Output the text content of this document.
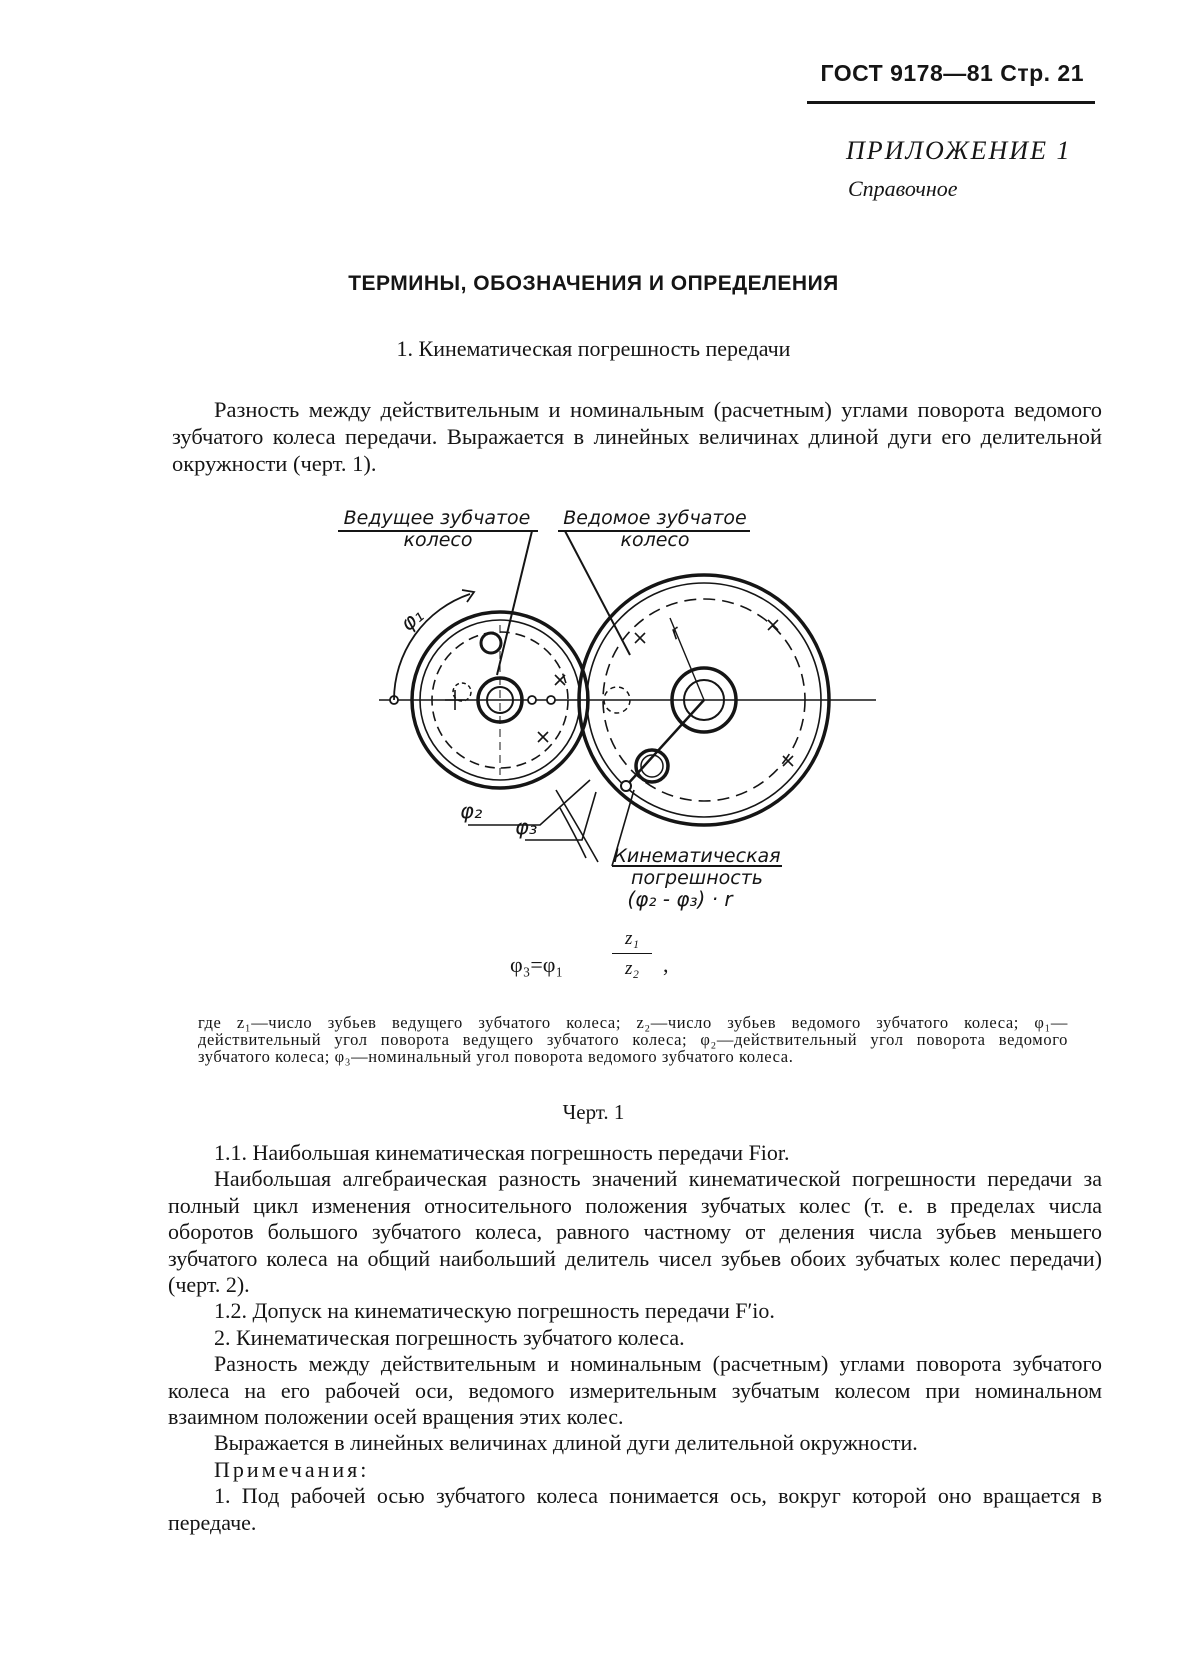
ГОСТ 9178—81 Стр. 21
ПРИЛОЖЕНИЕ 1
Справочное
ТЕРМИНЫ, ОБОЗНАЧЕНИЯ И ОПРЕДЕЛЕНИЯ
1. Кинематическая погрешность передачи
Разность между действительным и номинальным (расчетным) углами поворота ведомого зубчатого колеса передачи. Выражается в линейных величинах длиной дуги его делительной окружности (черт. 1).
Ведущее зубчатое
колесо
Ведомое зубчатое
колесо
φ₁	r
φ₂
φ₃
Кинематическая
погрешность
(φ₂ - φ₃) · r
φ₃=φ₁
z₁
z₂	,
где z₁—число зубьев ведущего зубчатого колеса; z₂—число зубьев ведомого зубчатого колеса; φ₁—действительный угол поворота ведущего зубчатого колеса; φ₂—действительный угол поворота ведомого зубчатого колеса; φ₃—номинальный угол поворота ведомого зубчатого колеса.
Черт. 1

1.1. Наибольшая кинематическая погрешность передачи Fior.

Наибольшая алгебраическая разность значений кинематической погрешности передачи за полный цикл изменения относительного положения зубчатых колес (т. е. в пределах числа оборотов большого зубчатого колеса, равного частному от деления числа зубьев меньшего зубчатого колеса на общий наибольший делитель чисел зубьев обоих зубчатых колес передачи) (черт. 2).

1.2. Допуск на кинематическую погрешность передачи F′io.

2. Кинематическая погрешность зубчатого колеса.

Разность между действительным и номинальным (расчетным) углами поворота зубчатого колеса на его рабочей оси, ведомого измерительным зубчатым колесом при номинальном взаимном положении осей вращения этих колес.

Выражается в линейных величинах длиной дуги делительной окружности.

Примечания:

1. Под рабочей осью зубчатого колеса понимается ось, вокруг которой оно вращается в передаче.
